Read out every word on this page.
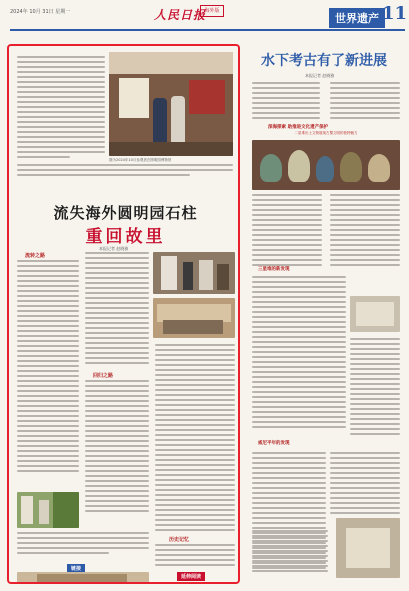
2024年 10月 31日 星期一	人民日报
海外版
世界遗产 11
图为2024年10月参观者在圆明园博物馆
流失海外圆明园石柱
重回故里
本报记者 赵晓雅
流转之路
回归之路
历史记忆
链接
延伸阅读
水下考古有了新进展
本报记者 赵晓雅
深海探索 助推进文化遗产保护
二星堆出土文物展现古蜀文明的独特魅力
三星堆的新发现
威尼平年的发现
